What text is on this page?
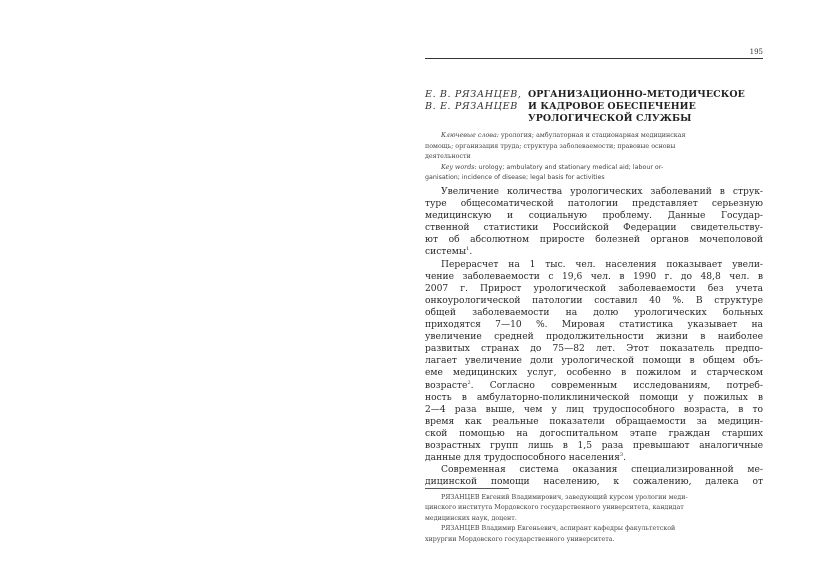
195
Е. В. РЯЗАНЦЕВ,
В. Е. РЯЗАНЦЕВ
ОРГАНИЗАЦИОННО-МЕТОДИЧЕСКОЕ
И КАДРОВОЕ ОБЕСПЕЧЕНИЕ
УРОЛОГИЧЕСКОЙ СЛУЖБЫ
Ключевые слова: урология; амбулаторная и стационарная медицинская
помощь; организация труда; структура заболеваемости; правовые основы
деятельности
Key words: urology; ambulatory and stationary medical aid; labour or-
ganisation; incidence of disease; legal basis for activities
Увеличение количества урологических заболеваний в струк-
туре общесоматической патологии представляет серьезную
медицинскую и социальную проблему. Данные Государ-
ственной статистики Российской Федерации свидетельству-
ют об абсолютном приросте болезней органов мочеполовой
системы$^1$.
Перерасчет на 1 тыс. чел. населения показывает увели-
чение заболеваемости с 19,6 чел. в 1990 г. до 48,8 чел. в
2007 г. Прирост урологической заболеваемости без учета
онкоурологической патологии составил 40 %. В структуре
общей заболеваемости на долю урологических больных
приходятся 7—10 %. Мировая статистика указывает на
увеличение средней продолжительности жизни в наиболее
развитых странах до 75—82 лет. Этот показатель предпо-
лагает увеличение доли урологической помощи в общем объ-
еме медицинских услуг, особенно в пожилом и старческом
возрасте$^2$. Согласно современным исследованиям, потреб-
ность в амбулаторно-поликлинической помощи у пожилых в
2—4 раза выше, чем у лиц трудоспособного возраста, в то
время как реальные показатели обращаемости за медицин-
ской помощью на догоспитальном этапе граждан старших
возрастных групп лишь в 1,5 раза превышают аналогичные
данные для трудоспособного населения$^3$.
Современная система оказания специализированной ме-
дицинской помощи населению, к сожалению, далека от
РЯЗАНЦЕВ Евгений Владимирович, заведующий курсом урологии меди-
цинского института Мордовского государственного университета, кандидат
медицинских наук, доцент.
РЯЗАНЦЕВ Владимир Евгеньевич, аспирант кафедры факультетской
хирургии Мордовского государственного университета.
